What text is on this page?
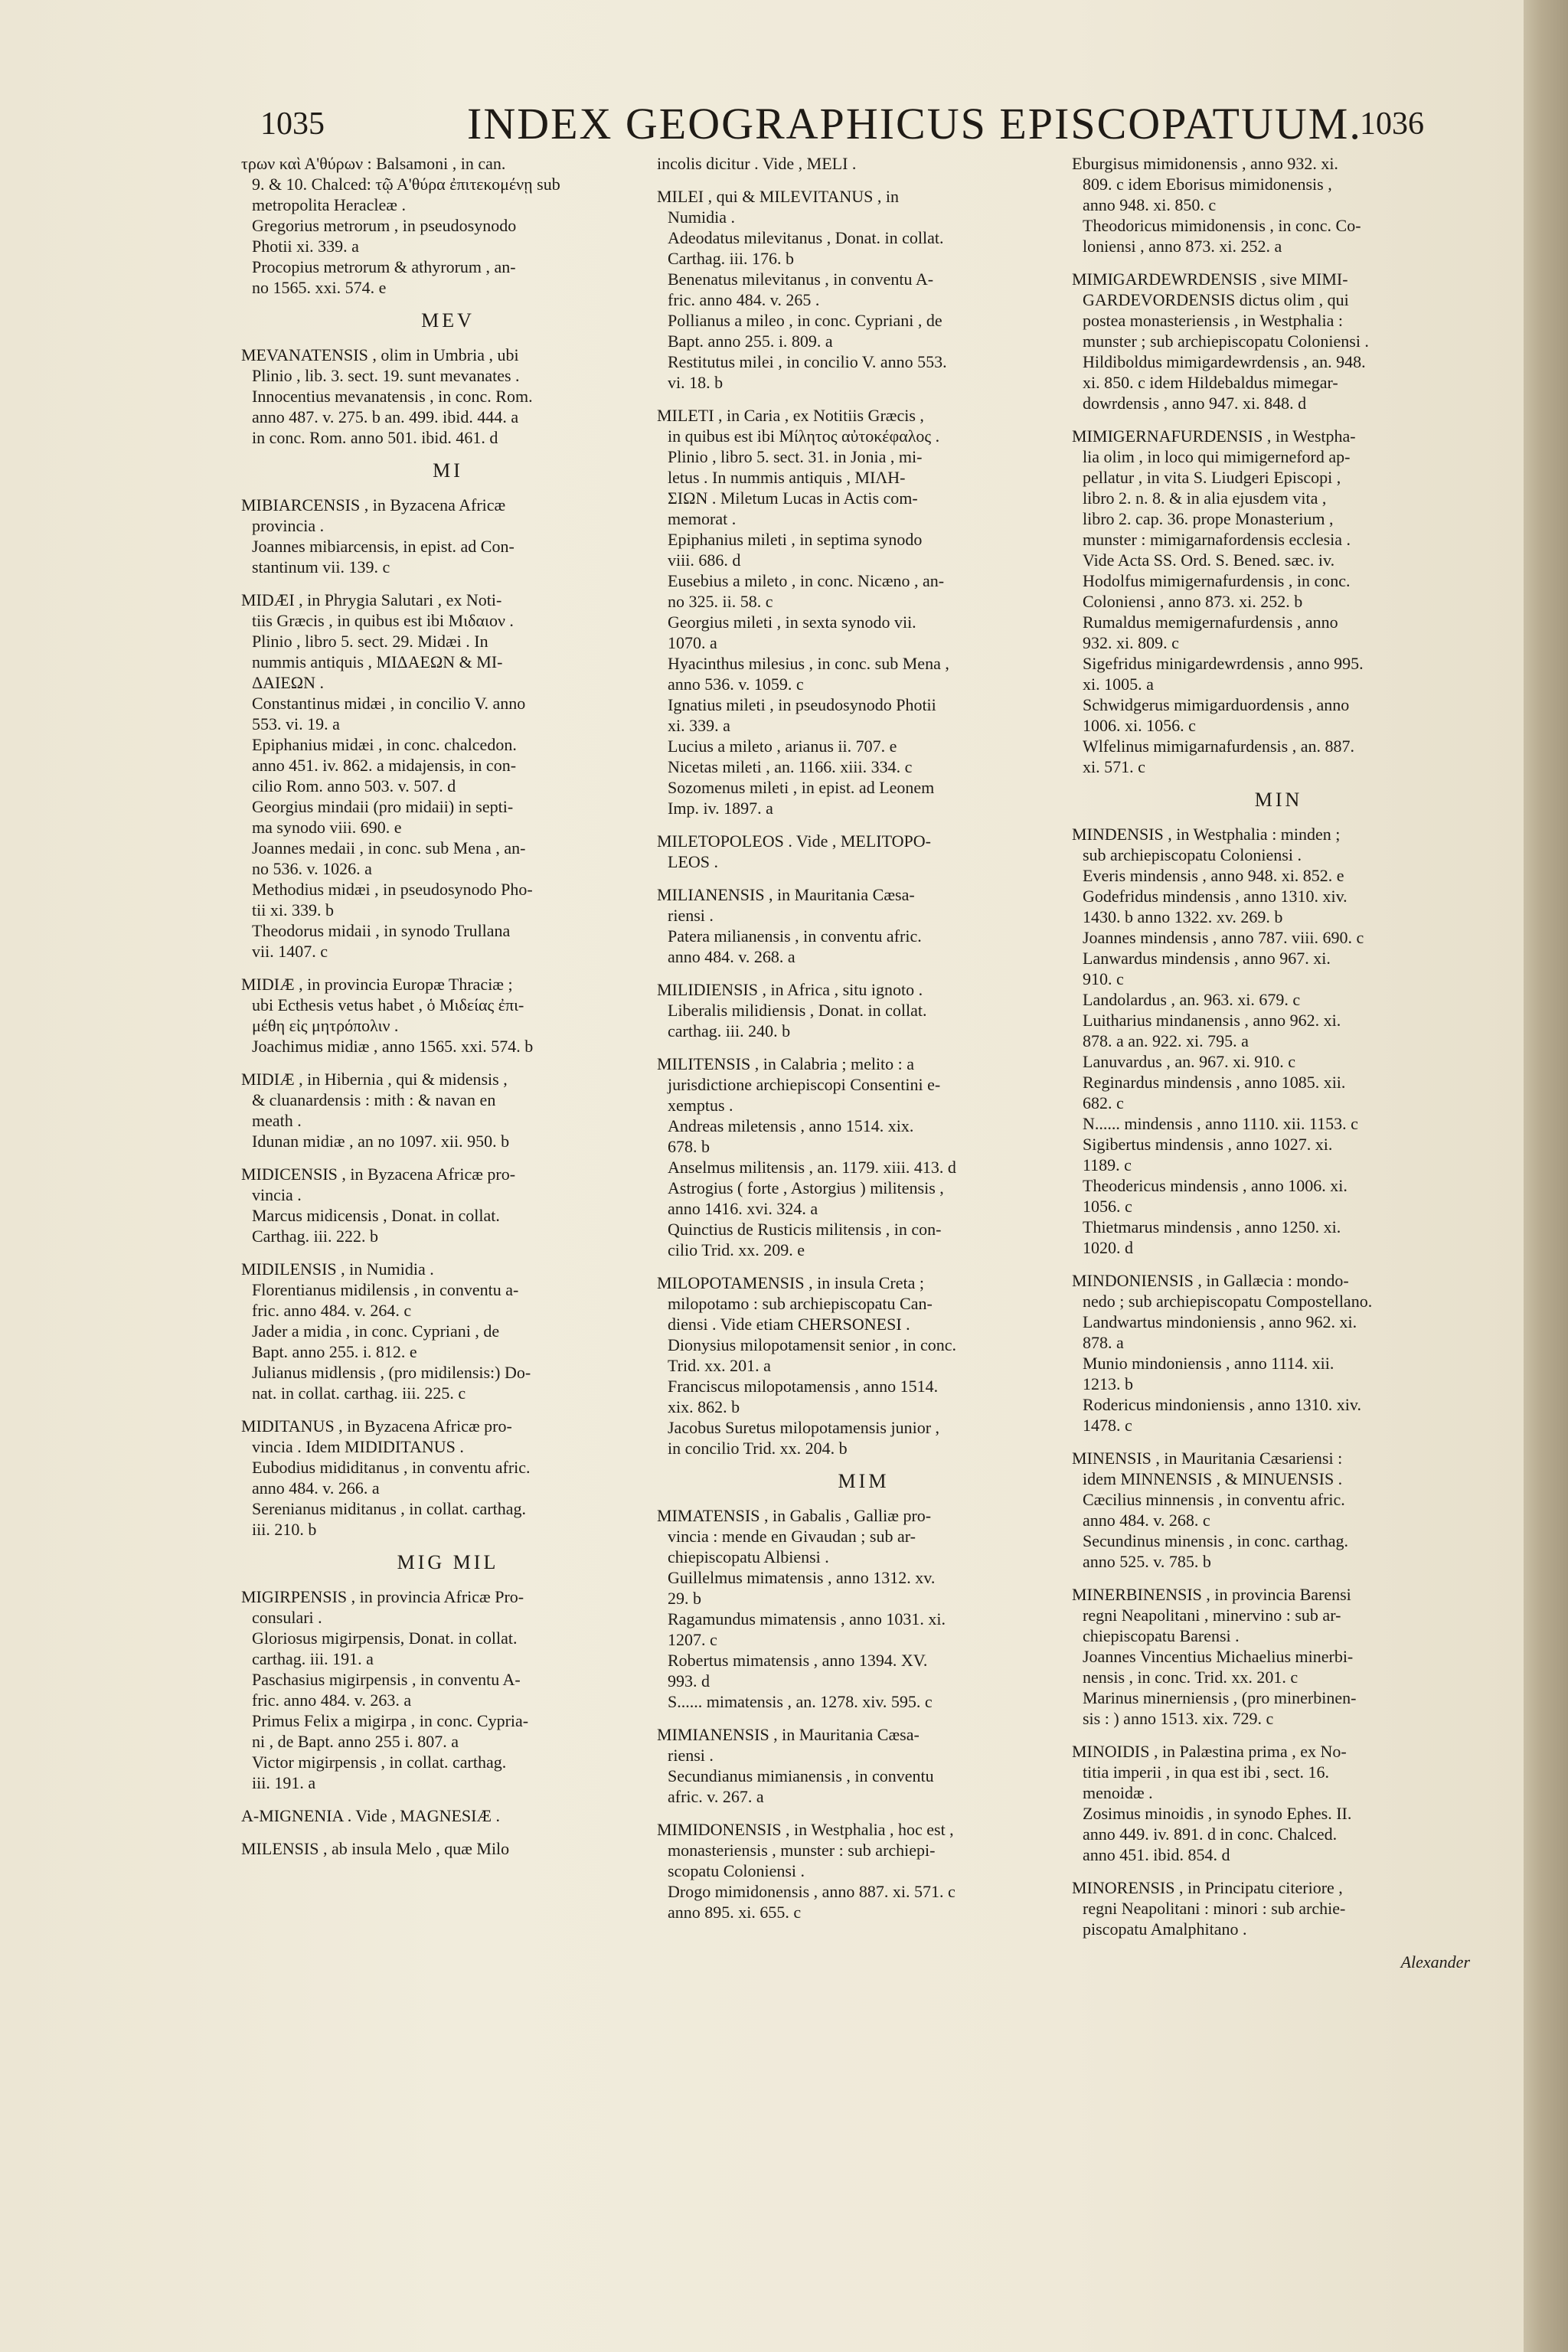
1035	INDEX GEOGRAPHICUS EPISCOPATUUM.
1036
τρων καὶ Α'θύρων : Balsamoni , in can.
9. & 10. Chalced: τῷ Α'θύρα ἐπιτεκομένῃ sub
metropolita Heracleæ .
Gregorius metrorum , in pseudosynodo
Photii xi. 339. a
Procopius metrorum & athyrorum , an-
no 1565. xxi. 574. e
MEV
MEVANATENSIS , olim in Umbria , ubi
Plinio , lib. 3. sect. 19. sunt mevanates .
Innocentius mevanatensis , in conc. Rom.
anno 487. v. 275. b an. 499. ibid. 444. a
in conc. Rom. anno 501. ibid. 461. d
MI
MIBIARCENSIS , in Byzacena Africæ
provincia .
Joannes mibiarcensis, in epist. ad Con-
stantinum vii. 139. c
MIDÆI , in Phrygia Salutari , ex Noti-
tiis Græcis , in quibus est ibi Μιδαιον .
Plinio , libro 5. sect. 29. Midæi . In
nummis antiquis , ΜΙΔΑΕΩΝ & ΜΙ-
ΔΑΙΕΩΝ .
Constantinus midæi , in concilio V. anno
553. vi. 19. a
Epiphanius midæi , in conc. chalcedon.
anno 451. iv. 862. a midajensis, in con-
cilio Rom. anno 503. v. 507. d
Georgius mindaii (pro midaii) in septi-
ma synodo viii. 690. e
Joannes medaii , in conc. sub Mena , an-
no 536. v. 1026. a
Methodius midæi , in pseudosynodo Pho-
tii xi. 339. b
Theodorus midaii , in synodo Trullana
vii. 1407. c
MIDIÆ , in provincia Europæ Thraciæ ;
ubi Ecthesis vetus habet , ὁ Μιδείας ἐπι-
μέθη εἰς μητρόπολιν .
Joachimus midiæ , anno 1565. xxi. 574. b
MIDIÆ , in Hibernia , qui & midensis ,
& cluanardensis : mith : & navan en
meath .
Idunan midiæ , an no 1097. xii. 950. b
MIDICENSIS , in Byzacena Africæ pro-
vincia .
Marcus midicensis , Donat. in collat.
Carthag. iii. 222. b
MIDILENSIS , in Numidia .
Florentianus midilensis , in conventu a-
fric. anno 484. v. 264. c
Jader a midia , in conc. Cypriani , de
Bapt. anno 255. i. 812. e
Julianus midlensis , (pro midilensis:) Do-
nat. in collat. carthag. iii. 225. c
MIDITANUS , in Byzacena Africæ pro-
vincia . Idem MIDIDITANUS .
Eubodius mididitanus , in conventu afric.
anno 484. v. 266. a
Serenianus miditanus , in collat. carthag.
iii. 210. b
MIG MIL
MIGIRPENSIS , in provincia Africæ Pro-
consulari .
Gloriosus migirpensis, Donat. in collat.
carthag. iii. 191. a
Paschasius migirpensis , in conventu A-
fric. anno 484. v. 263. a
Primus Felix a migirpa , in conc. Cypria-
ni , de Bapt. anno 255 i. 807. a
Victor migirpensis , in collat. carthag.
iii. 191. a
A-MIGNENIA . Vide , MAGNESIÆ .
MILENSIS , ab insula Melo , quæ Milo
incolis dicitur . Vide , MELI .
MILEI , qui & MILEVITANUS , in
Numidia .
Adeodatus milevitanus , Donat. in collat.
Carthag. iii. 176. b
Benenatus milevitanus , in conventu A-
fric. anno 484. v. 265 .
Pollianus a mileo , in conc. Cypriani , de
Bapt. anno 255. i. 809. a
Restitutus milei , in concilio V. anno 553.
vi. 18. b
MILETI , in Caria , ex Notitiis Græcis ,
in quibus est ibi Μίλητος αὐτοκέφαλος .
Plinio , libro 5. sect. 31. in Jonia , mi-
letus . In nummis antiquis , ΜΙΛΗ-
ΣΙΩΝ . Miletum Lucas in Actis com-
memorat .
Epiphanius mileti , in septima synodo
viii. 686. d
Eusebius a mileto , in conc. Nicæno , an-
no 325. ii. 58. c
Georgius mileti , in sexta synodo vii.
1070. a
Hyacinthus milesius , in conc. sub Mena ,
anno 536. v. 1059. c
Ignatius mileti , in pseudosynodo Photii
xi. 339. a
Lucius a mileto , arianus ii. 707. e
Nicetas mileti , an. 1166. xiii. 334. c
Sozomenus mileti , in epist. ad Leonem
Imp. iv. 1897. a
MILETOPOLEOS . Vide , MELITOPO-
LEOS .
MILIANENSIS , in Mauritania Cæsa-
riensi .
Patera milianensis , in conventu afric.
anno 484. v. 268. a
MILIDIENSIS , in Africa , situ ignoto .
Liberalis milidiensis , Donat. in collat.
carthag. iii. 240. b
MILITENSIS , in Calabria ; melito : a
jurisdictione archiepiscopi Consentini e-
xemptus .
Andreas miletensis , anno 1514. xix.
678. b
Anselmus militensis , an. 1179. xiii. 413. d
Astrogius ( forte , Astorgius ) militensis ,
anno 1416. xvi. 324. a
Quinctius de Rusticis militensis , in con-
cilio Trid. xx. 209. e
MILOPOTAMENSIS , in insula Creta ;
milopotamo : sub archiepiscopatu Can-
diensi . Vide etiam CHERSONESI .
Dionysius milopotamensit senior , in conc.
Trid. xx. 201. a
Franciscus milopotamensis , anno 1514.
xix. 862. b
Jacobus Suretus milopotamensis junior ,
in concilio Trid. xx. 204. b
MIM
MIMATENSIS , in Gabalis , Galliæ pro-
vincia : mende en Givaudan ; sub ar-
chiepiscopatu Albiensi .
Guillelmus mimatensis , anno 1312. xv.
29. b
Ragamundus mimatensis , anno 1031. xi.
1207. c
Robertus mimatensis , anno 1394. XV.
993. d
S...... mimatensis , an. 1278. xiv. 595. c
MIMIANENSIS , in Mauritania Cæsa-
riensi .
Secundianus mimianensis , in conventu
afric. v. 267. a
MIMIDONENSIS , in Westphalia , hoc est ,
monasteriensis , munster : sub archiepi-
scopatu Coloniensi .
Drogo mimidonensis , anno 887. xi. 571. c
anno 895. xi. 655. c
Eburgisus mimidonensis , anno 932. xi.
809. c idem Eborisus mimidonensis ,
anno 948. xi. 850. c
Theodoricus mimidonensis , in conc. Co-
loniensi , anno 873. xi. 252. a
MIMIGARDEWRDENSIS , sive MIMI-
GARDEVORDENSIS dictus olim , qui
postea monasteriensis , in Westphalia :
munster ; sub archiepiscopatu Coloniensi .
Hildiboldus mimigardewrdensis , an. 948.
xi. 850. c idem Hildebaldus mimegar-
dowrdensis , anno 947. xi. 848. d
MIMIGERNAFURDENSIS , in Westpha-
lia olim , in loco qui mimigerneford ap-
pellatur , in vita S. Liudgeri Episcopi ,
libro 2. n. 8. & in alia ejusdem vita ,
libro 2. cap. 36. prope Monasterium ,
munster : mimigarnafordensis ecclesia .
Vide Acta SS. Ord. S. Bened. sæc. iv.
Hodolfus mimigernafurdensis , in conc.
Coloniensi , anno 873. xi. 252. b
Rumaldus memigernafurdensis , anno
932. xi. 809. c
Sigefridus minigardewrdensis , anno 995.
xi. 1005. a
Schwidgerus mimigarduordensis , anno
1006. xi. 1056. c
Wlfelinus mimigarnafurdensis , an. 887.
xi. 571. c
MIN
MINDENSIS , in Westphalia : minden ;
sub archiepiscopatu Coloniensi .
Everis mindensis , anno 948. xi. 852. e
Godefridus mindensis , anno 1310. xiv.
1430. b anno 1322. xv. 269. b
Joannes mindensis , anno 787. viii. 690. c
Lanwardus mindensis , anno 967. xi.
910. c
Landolardus , an. 963. xi. 679. c
Luitharius mindanensis , anno 962. xi.
878. a an. 922. xi. 795. a
Lanuvardus , an. 967. xi. 910. c
Reginardus mindensis , anno 1085. xii.
682. c
N...... mindensis , anno 1110. xii. 1153. c
Sigibertus mindensis , anno 1027. xi.
1189. c
Theodericus mindensis , anno 1006. xi.
1056. c
Thietmarus mindensis , anno 1250. xi.
1020. d
MINDONIENSIS , in Gallæcia : mondo-
nedo ; sub archiepiscopatu Compostellano.
Landwartus mindoniensis , anno 962. xi.
878. a
Munio mindoniensis , anno 1114. xii.
1213. b
Rodericus mindoniensis , anno 1310. xiv.
1478. c
MINENSIS , in Mauritania Cæsariensi :
idem MINNENSIS , & MINUENSIS .
Cæcilius minnensis , in conventu afric.
anno 484. v. 268. c
Secundinus minensis , in conc. carthag.
anno 525. v. 785. b
MINERBINENSIS , in provincia Barensi
regni Neapolitani , minervino : sub ar-
chiepiscopatu Barensi .
Joannes Vincentius Michaelius minerbi-
nensis , in conc. Trid. xx. 201. c
Marinus minerniensis , (pro minerbinen-
sis : ) anno 1513. xix. 729. c
MINOIDIS , in Palæstina prima , ex No-
titia imperii , in qua est ibi , sect. 16.
menoidæ .
Zosimus minoidis , in synodo Ephes. II.
anno 449. iv. 891. d in conc. Chalced.
anno 451. ibid. 854. d
MINORENSIS , in Principatu citeriore ,
regni Neapolitani : minori : sub archie-
piscopatu Amalphitano .
Alexander
